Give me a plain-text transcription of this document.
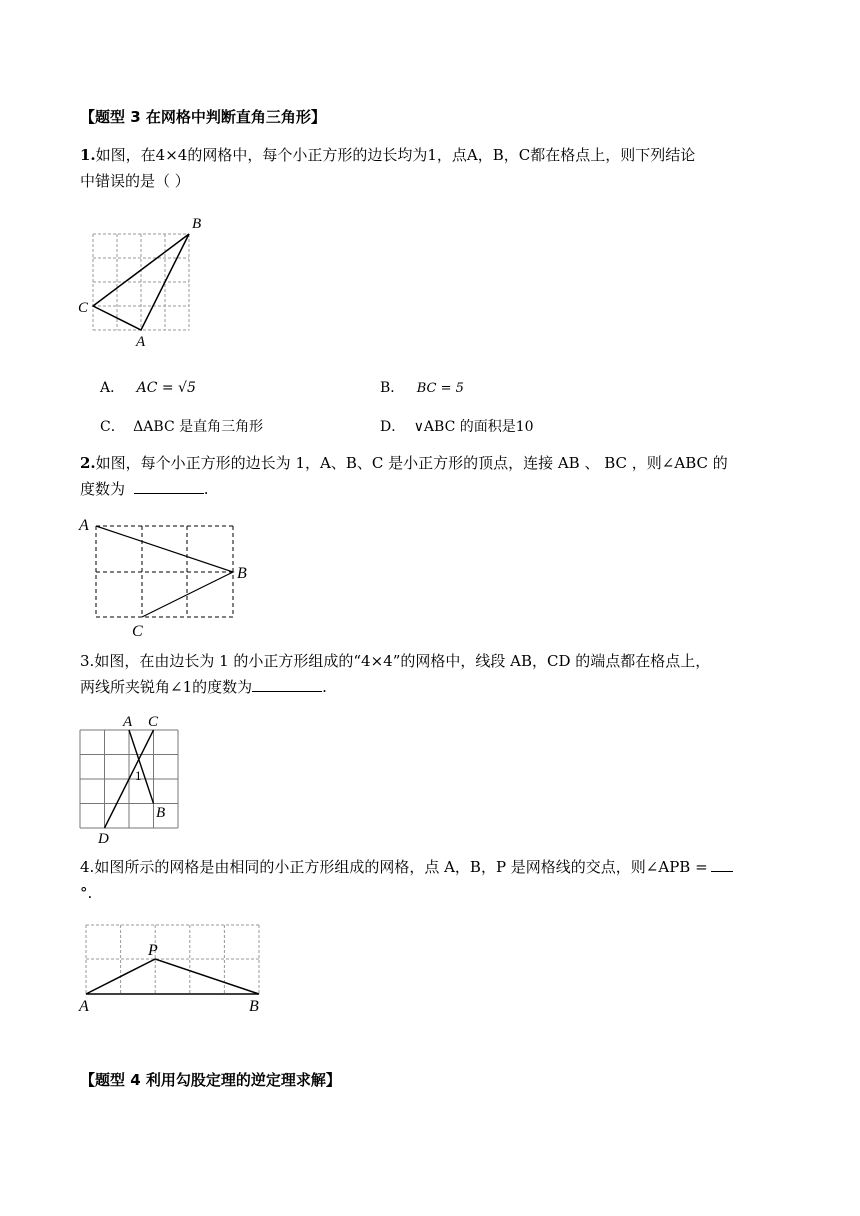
【题型 3 在网格中判断直角三角形】
1.如图，在4×4的网格中，每个小正方形的边长均为1，点A，B，C都在格点上，则下列结论
中错误的是（ ）
B
C
A
A． AC = √5	B． BC = 5
C． ΔABC 是直角三角形	D． ∨ABC 的面积是10
2.如图，每个小正方形的边长为 1，A、B、C 是小正方形的顶点，连接 AB 、 BC ，则∠ABC 的
度数为	.
A
B
C
3.如图，在由边长为 1 的小正方形组成的“4×4”的网格中，线段 AB，CD 的端点都在格点上，
两线所夹锐角∠1的度数为	.
A C
B
D
1
4.如图所示的网格是由相同的小正方形组成的网格，点 A，B，P 是网格线的交点，则∠APB =
°.
P
A	B
【题型 4 利用勾股定理的逆定理求解】
